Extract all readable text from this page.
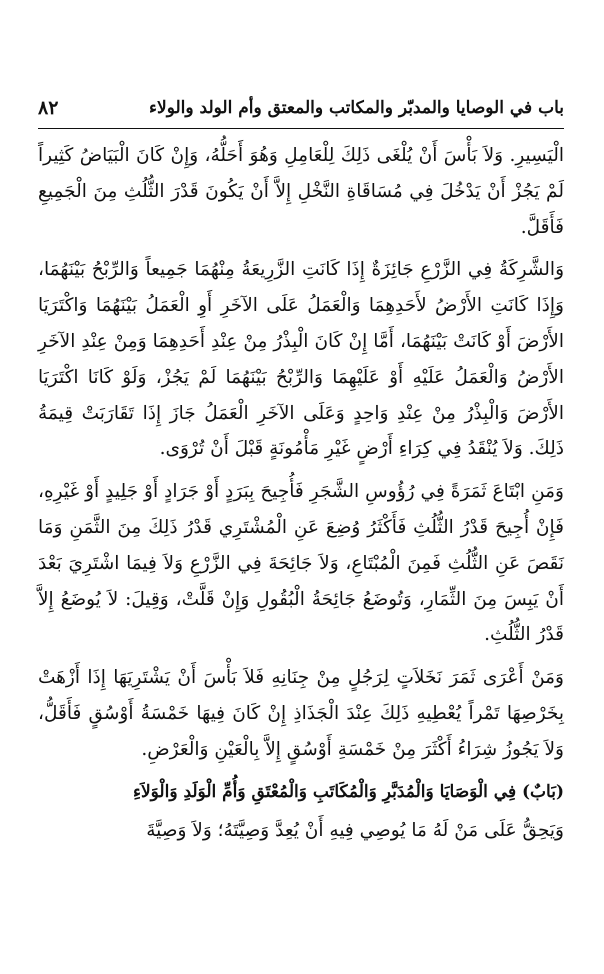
باب في الوصايا والمدبّر والمكاتب والمعتق وأم الولد والولاء
٨٢

الْيَسِيرِ. وَلاَ بَأْسَ أَنْ يُلْغَى ذَلِكَ لِلْعَامِلِ وَهُوَ أَحَلُّهُ، وَإِنْ كَانَ الْبَيَاضُ كَثِيراً لَمْ يَجُزْ أَنْ يَدْخُلَ فِي مُسَاقَاةِ النَّخْلِ إِلاَّ أَنْ يَكُونَ قَدْرَ الثُّلُثِ مِنَ الْجَمِيعِ فَأَقَلَّ.

وَالشَّرِكَةُ فِي الزَّرْعِ جَائِزَةٌ إِذَا كَانَتِ الزَّرِيعَةُ مِنْهُمَا جَمِيعاً وَالرِّبْحُ بَيْنَهُمَا، وَإِذَا كَانَتِ الأَرْضُ لأَحَدِهِمَا وَالْعَمَلُ عَلَى الآخَرِ أَوِ الْعَمَلُ بَيْنَهُمَا وَاكْتَرَيَا الأَرْضَ أَوْ كَانَتْ بَيْنَهُمَا، أَمَّا إِنْ كَانَ الْبِذْرُ مِنْ عِنْدِ أَحَدِهِمَا وَمِنْ عِنْدِ الآخَرِ الأَرْضُ وَالْعَمَلُ عَلَيْهِ أَوْ عَلَيْهِمَا وَالرِّبْحُ بَيْنَهُمَا لَمْ يَجُزْ، وَلَوْ كَانَا اكْتَرَيَا الأَرْضَ وَالْبِذْرُ مِنْ عِنْدِ وَاحِدٍ وَعَلَى الآخَرِ الْعَمَلُ جَازَ إِذَا تَقَارَبَتْ قِيمَةُ ذَلِكَ. وَلاَ يُنْقَدُ فِي كِرَاءِ أَرْضٍ غَيْرِ مَأْمُونَةٍ قَبْلَ أَنْ تُرْوَى.

وَمَنِ ابْتَاعَ ثَمَرَةً فِي رُؤُوسِ الشَّجَرِ فَأُجِيحَ بِبَرَدٍ أَوْ جَرَادٍ أَوْ جَلِيدٍ أَوْ غَيْرِهِ، فَإِنْ أُجِيحَ قَدْرُ الثُّلُثِ فَأَكْثَرُ وُضِعَ عَنِ الْمُشْتَرِي قَدْرُ ذَلِكَ مِنَ الثَّمَنِ وَمَا نَقَصَ عَنِ الثُّلُثِ فَمِنَ الْمُبْتَاعِ، وَلاَ جَائِحَةَ فِي الزَّرْعِ وَلاَ فِيمَا اشْتَرِيَ بَعْدَ أَنْ يَبِسَ مِنَ الثِّمَارِ، وَتُوضَعُ جَائِحَةُ الْبُقُولِ وَإِنْ قَلَّتْ، وَقِيلَ: لاَ يُوضَعُ إِلاَّ قَدْرُ الثُّلُثِ.

وَمَنْ أَعْرَى ثَمَرَ نَخَلاَتٍ لِرَجُلٍ مِنْ جِنَانِهِ فَلاَ بَأْسَ أَنْ يَشْتَرِيَهَا إِذَا أَزْهَتْ بِخَرْصِهَا تَمْراً يُعْطِيهِ ذَلِكَ عِنْدَ الْجَذَاذِ إِنْ كَانَ فِيهَا خَمْسَةُ أَوْسُقٍ فَأَقَلُّ، وَلاَ يَجُوزُ شِرَاءُ أَكْثَرَ مِنْ خَمْسَةِ أَوْسُقٍ إِلاَّ بِالْعَيْنِ وَالْعَرْضِ.

(بَابٌ) فِي الْوَصَايَا وَالْمُدَبَّرِ وَالْمُكَاتَبِ وَالْمُعْتَقِ وَأُمِّ الْوَلَدِ وَالْوَلاَءِ

وَيَحِقُّ عَلَى مَنْ لَهُ مَا يُوصِي فِيهِ أَنْ يُعِدَّ وَصِيَّتَهُ؛ وَلاَ وَصِيَّةَ
